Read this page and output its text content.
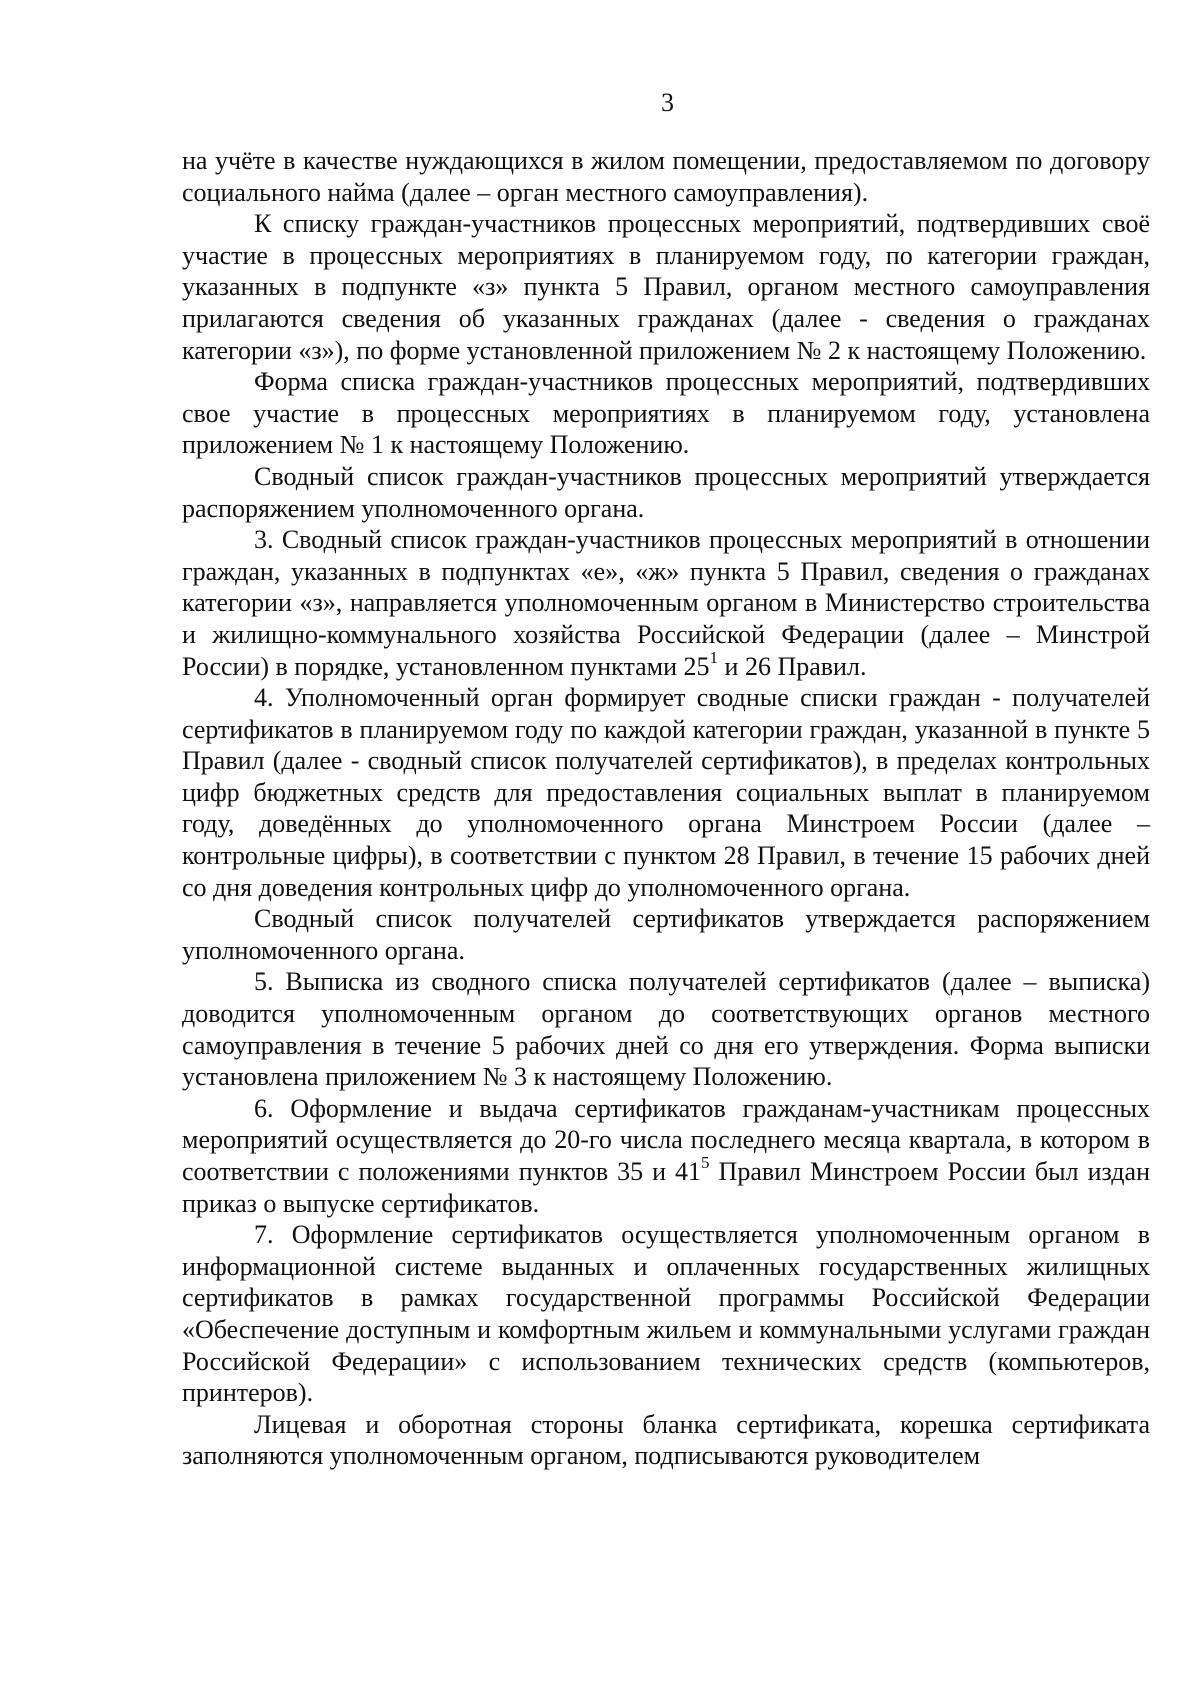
3

на учёте в качестве нуждающихся в жилом помещении, предоставляемом по договору социального найма (далее – орган местного самоуправления).

К списку граждан-участников процессных мероприятий, подтвердивших своё участие в процессных мероприятиях в планируемом году, по категории граждан, указанных в подпункте «з» пункта 5 Правил, органом местного самоуправления прилагаются сведения об указанных гражданах (далее - сведения о гражданах категории «з»), по форме установленной приложением № 2 к настоящему Положению.

Форма списка граждан-участников процессных мероприятий, подтвердивших свое участие в процессных мероприятиях в планируемом году, установлена приложением № 1 к настоящему Положению.

Сводный список граждан-участников процессных мероприятий утверждается распоряжением уполномоченного органа.

3. Сводный список граждан-участников процессных мероприятий в отношении граждан, указанных в подпунктах «е», «ж» пункта 5 Правил, сведения о гражданах категории «з», направляется уполномоченным органом в Министерство строительства и жилищно-коммунального хозяйства Российской Федерации (далее – Минстрой России) в порядке, установленном пунктами $25^1$ и 26 Правил.

4. Уполномоченный орган формирует сводные списки граждан - получателей сертификатов в планируемом году по каждой категории граждан, указанной в пункте 5 Правил (далее - сводный список получателей сертификатов), в пределах контрольных цифр бюджетных средств для предоставления социальных выплат в планируемом году, доведённых до уполномоченного органа Минстроем России (далее – контрольные цифры), в соответствии с пунктом 28 Правил, в течение 15 рабочих дней со дня доведения контрольных цифр до уполномоченного органа.

Сводный список получателей сертификатов утверждается распоряжением уполномоченного органа.

5. Выписка из сводного списка получателей сертификатов (далее – выписка) доводится уполномоченным органом до соответствующих органов местного самоуправления в течение 5 рабочих дней со дня его утверждения. Форма выписки установлена приложением № 3 к настоящему Положению.

6. Оформление и выдача сертификатов гражданам-участникам процессных мероприятий осуществляется до 20-го числа последнего месяца квартала, в котором в соответствии с положениями пунктов 35 и $41^5$ Правил Минстроем России был издан приказ о выпуске сертификатов.

7. Оформление сертификатов осуществляется уполномоченным органом в информационной системе выданных и оплаченных государственных жилищных сертификатов в рамках государственной программы Российской Федерации «Обеспечение доступным и комфортным жильем и коммунальными услугами граждан Российской Федерации» с использованием технических средств (компьютеров, принтеров).

Лицевая и оборотная стороны бланка сертификата, корешка сертификата заполняются уполномоченным органом, подписываются руководителем
